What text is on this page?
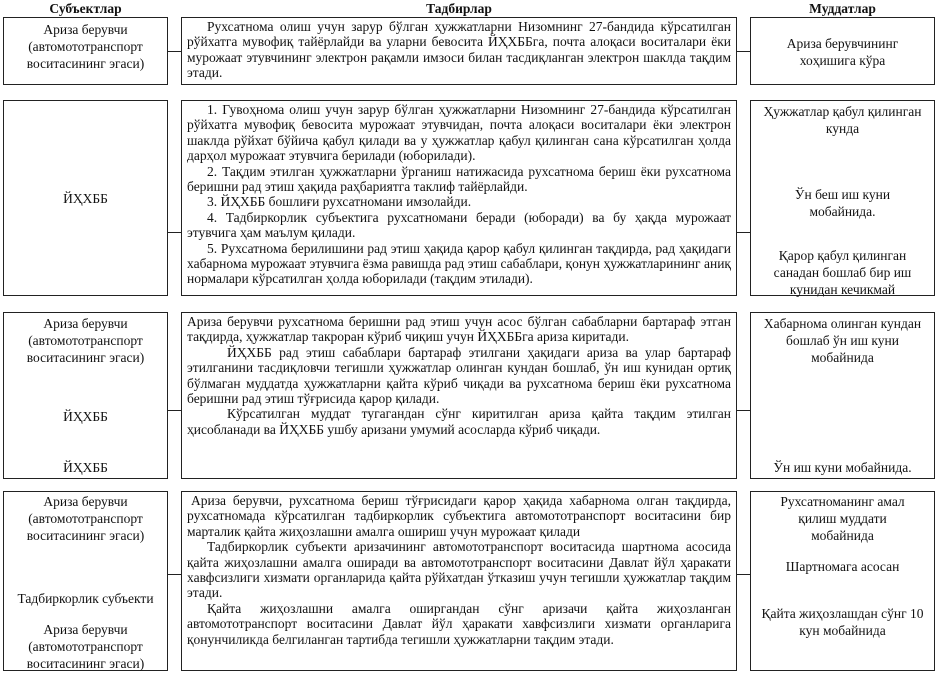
Субъектлар	Тадбирлар	Муддатлар
Ариза берувчи (автомототранспорт воситасининг эгаси)

Рухсатнома олиш учун зарур бўлган ҳужжатларни Низомнинг 27-бандида кўрсатилган рўйхатга мувофиқ тайёрлайди ва уларни бевосита ЙҲХББга, почта алоқаси воситалари ёки мурожаат этувчининг электрон рақамли имзоси билан тасдиқланган электрон шаклда тақдим этади.

Ариза берувчининг хоҳишига кўра
ЙҲХББ

1. Гувоҳнома олиш учун зарур бўлган ҳужжатларни Низомнинг 27-бандида кўрсатилган рўйхатга мувофиқ бевосита мурожаат этувчидан, почта алоқаси воситалари ёки электрон шаклда рўйхат бўйича қабул қилади ва у ҳужжатлар қабул қилинган сана кўрсатилган ҳолда дарҳол мурожаат этувчига берилади (юборилади).

2. Тақдим этилган ҳужжатларни ўрганиш натижасида рухсатнома бериш ёки рухсатнома беришни рад этиш ҳақида раҳбариятга таклиф тайёрлайди.

3. ЙҲХББ бошлиғи рухсатномани имзолайди.

4. Тадбиркорлик субъектига рухсатномани беради (юборади) ва бу ҳақда мурожаат этувчига ҳам маълум қилади.

5. Рухсатнома берилишини рад этиш ҳақида қарор қабул қилинган тақдирда, рад ҳақидаги хабарнома мурожаат этувчига ёзма равишда рад этиш сабаблари, қонун ҳужжатларининг аниқ нормалари кўрсатилган ҳолда юборилади (тақдим этилади).

Ҳужжатлар қабул қилинган кунда
Ўн беш иш куни мобайнида.
Қарор қабул қилинган санадан бошлаб бир иш кунидан кечикмай
Ариза берувчи (автомототранспорт воситасининг эгаси)
ЙҲХББ
ЙҲХББ

Ариза берувчи рухсатнома беришни рад этиш учун асос бўлган сабабларни бартараф этган тақдирда, ҳужжатлар такроран кўриб чиқиш учун ЙҲХББга ариза киритади.

ЙҲХББ рад этиш сабаблари бартараф этилгани ҳақидаги ариза ва улар бартараф этилганини тасдиқловчи тегишли ҳужжатлар олинган кундан бошлаб, ўн иш кунидан ортиқ бўлмаган муддатда ҳужжатларни қайта кўриб чиқади ва рухсатнома бериш ёки рухсатнома беришни рад этиш тўғрисида қарор қилади.

Кўрсатилган муддат тугагандан сўнг киритилган ариза қайта тақдим этилган ҳисобланади ва ЙҲХББ ушбу аризани умумий асосларда кўриб чиқади.

Хабарнома олинган кундан бошлаб ўн иш куни мобайнида
Ўн иш куни мобайнида.
Ариза берувчи (автомототранспорт воситасининг эгаси)
Тадбиркорлик субъекти
Ариза берувчи (автомототранспорт воситасининг эгаси)

Ариза берувчи, рухсатнома бериш тўғрисидаги қарор ҳақида хабарнома олган тақдирда, рухсатномада кўрсатилган тадбиркорлик субъектига автомототранспорт воситасини бир марталик қайта жиҳозлашни амалга ошириш учун мурожаат қилади

Тадбиркорлик субъекти аризачининг автомототранспорт воситасида шартнома асосида қайта жиҳозлашни амалга оширади ва автомототранспорт воситасини Давлат йўл ҳаракати хавфсизлиги хизмати органларида қайта рўйхатдан ўтказиш учун тегишли ҳужжатлар тақдим этади.

Қайта жиҳозлашни амалга оширгандан сўнг аризачи қайта жиҳозланган автомототранспорт воситасини Давлат йўл ҳаракати хавфсизлиги хизмати органларига қонунчиликда белгиланган тартибда тегишли ҳужжатларни тақдим этади.

Рухсатноманинг амал қилиш муддати мобайнида
Шартномага асосан
Қайта жиҳозлашдан сўнг 10 кун мобайнида
